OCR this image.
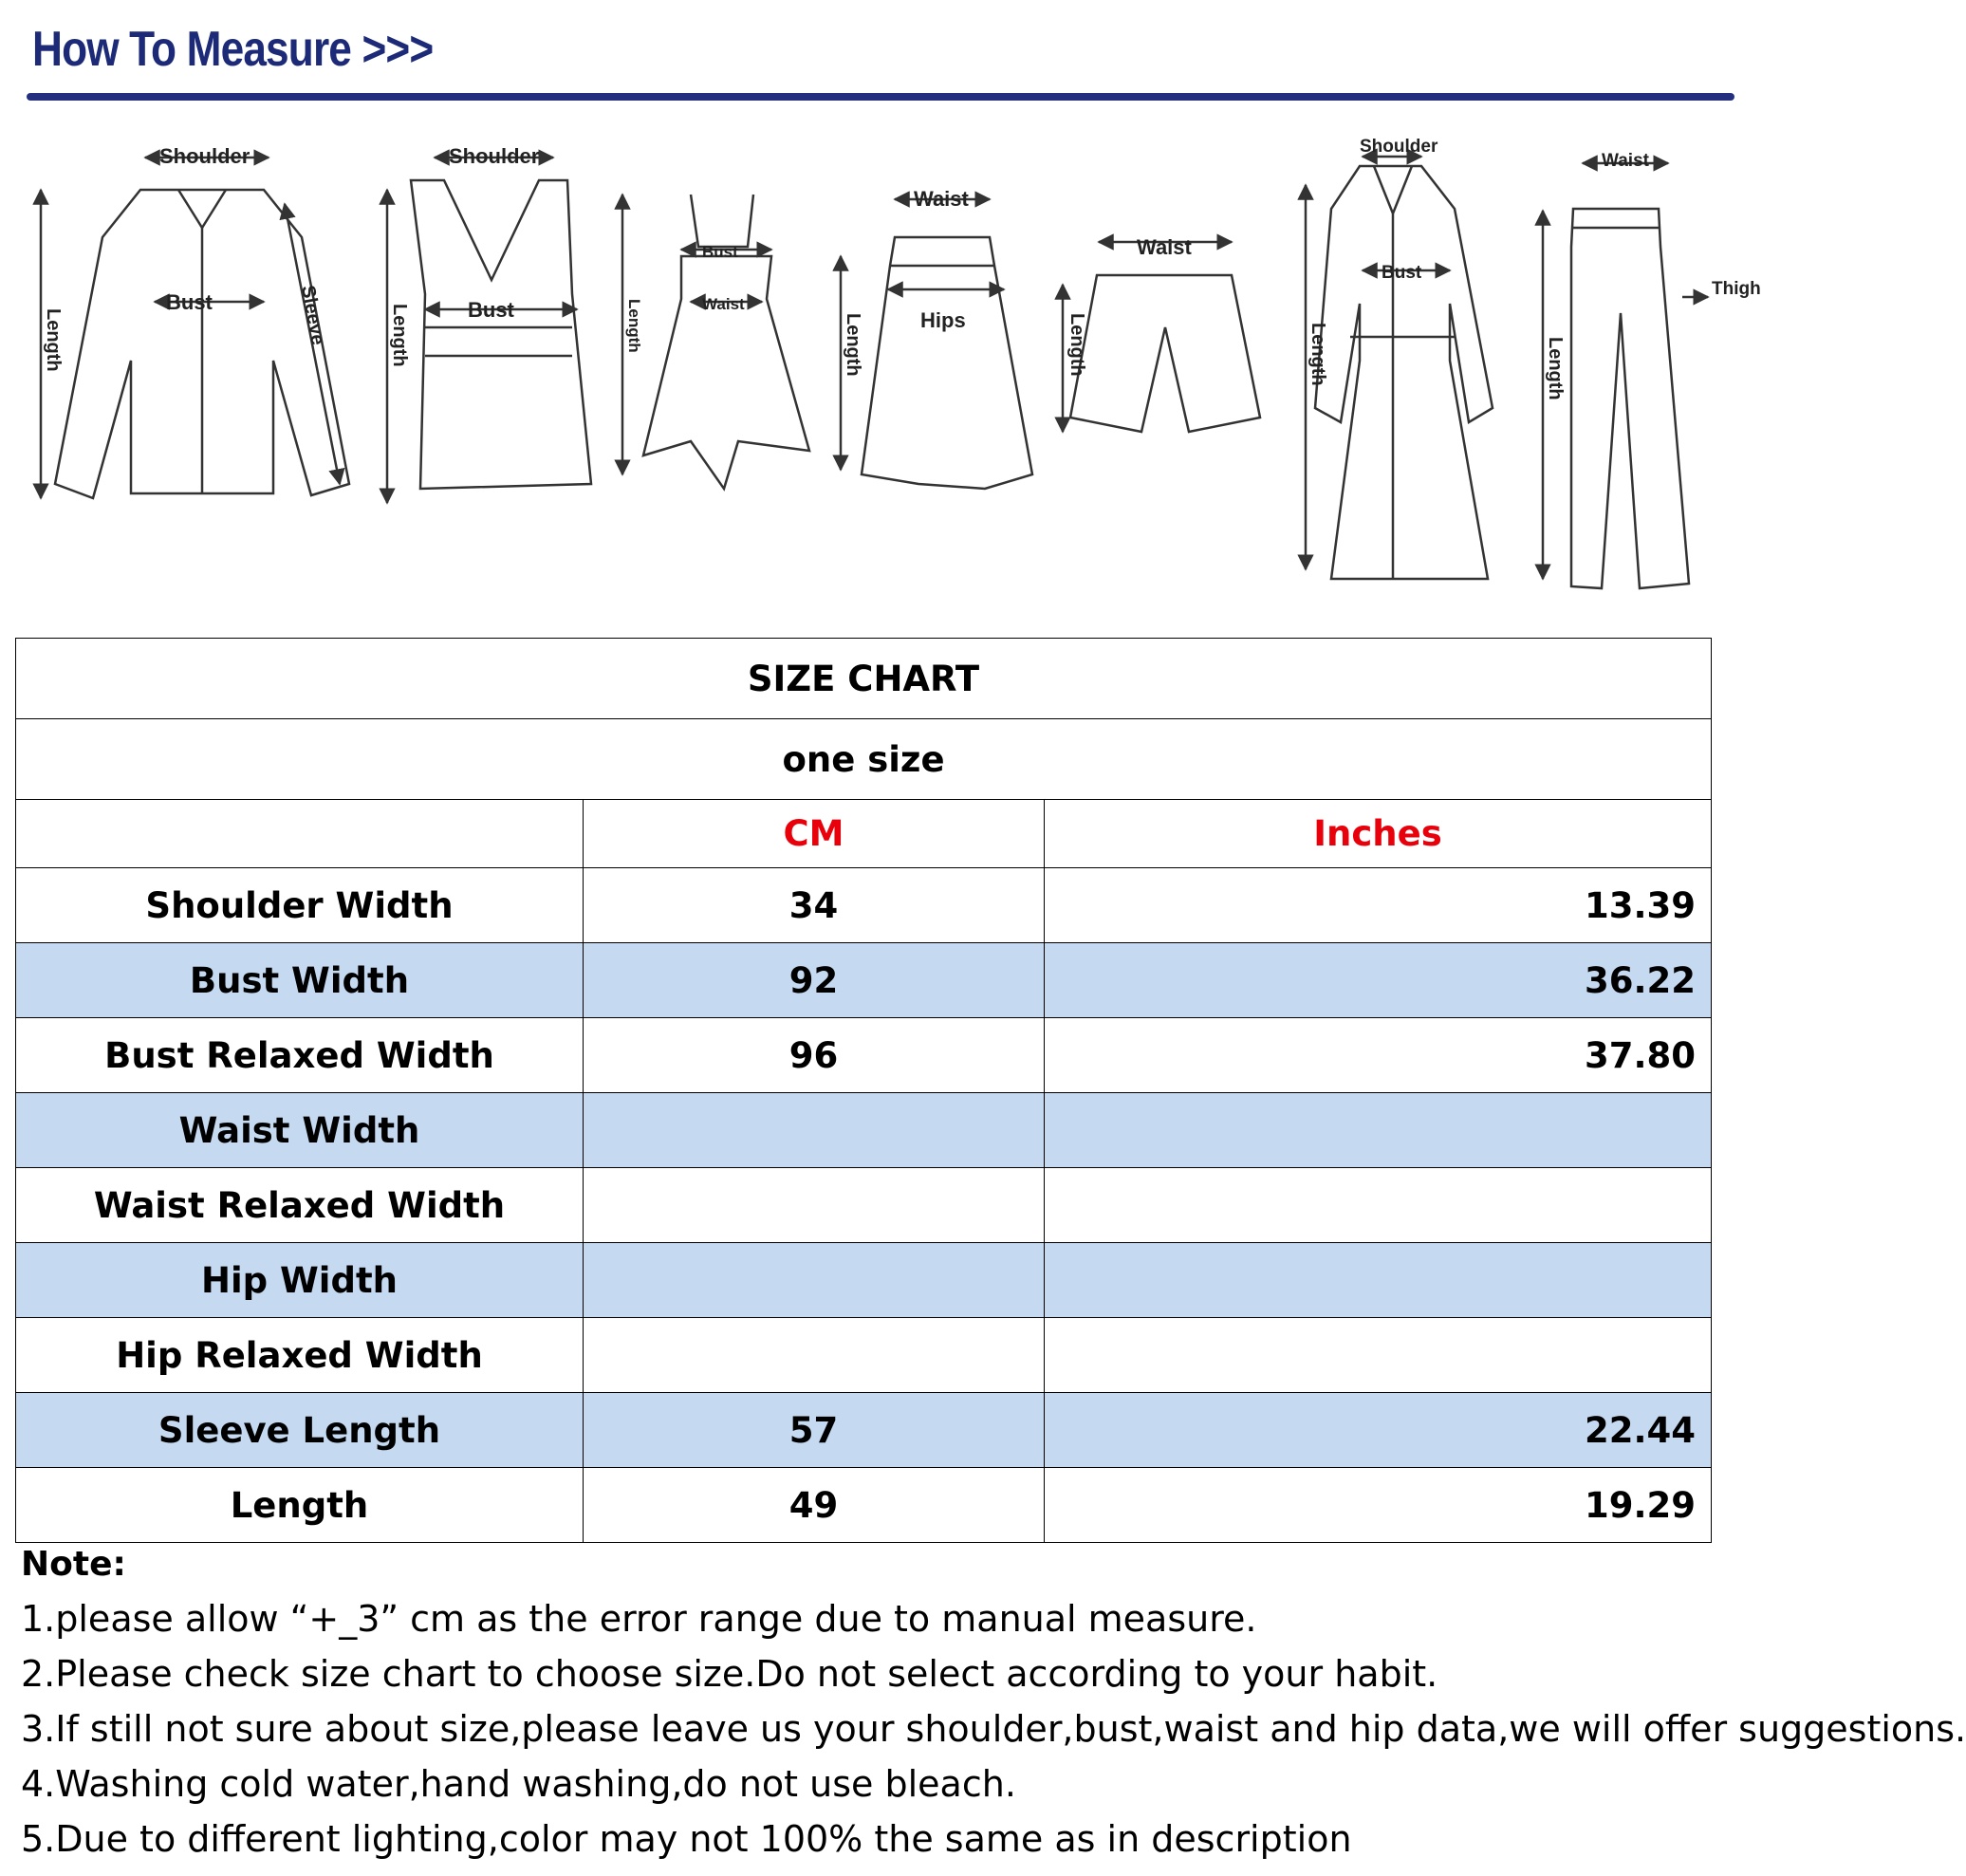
How To Measure >>>
Shoulder
Bust	Sleeve
Length
Shoulder
Bust
Length
Bust
Waist
Length
Waist
Hips
Length
Waist
Length
Shoulder
Bust
Length
Waist
Thigh
Length
SIZE CHART		
one size		
	CM	Inches
Shoulder Width	34	13.39
Bust Width	92	36.22
Bust Relaxed Width	96	37.80
Waist Width		
Waist Relaxed Width		
Hip Width		
Hip Relaxed Width		
Sleeve Length	57	22.44
Length	49	19.29
Note:
1.please allow “+_3” cm as the error range due to manual measure.
2.Please check size chart to choose size.Do not select according to your habit.
3.If still not sure about size,please leave us your shoulder,bust,waist and hip data,we will offer suggestions.
4.Washing cold water,hand washing,do not use bleach.
5.Due to different lighting,color may not 100% the same as in description
